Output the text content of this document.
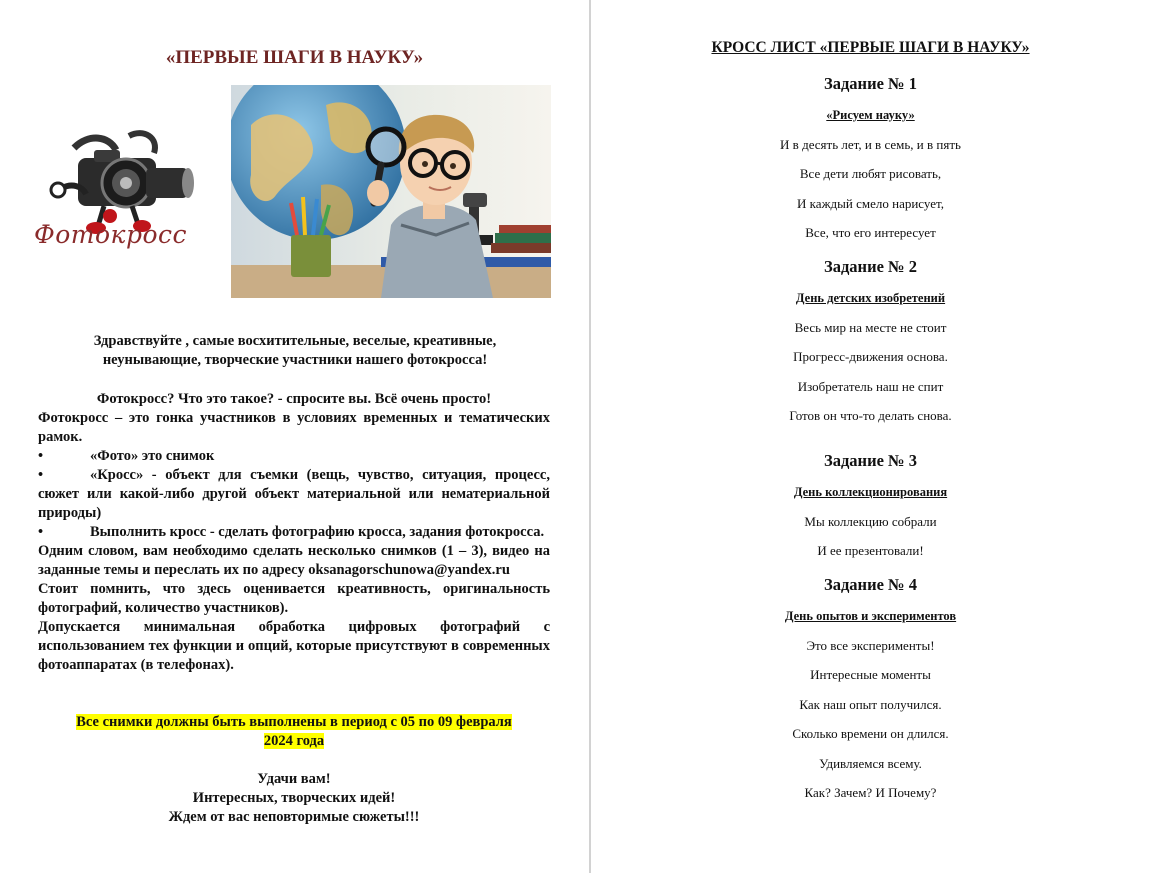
«ПЕРВЫЕ ШАГИ В НАУКУ»
Фотокросс
Здравствуйте , самые восхитительные, веселые, креативные,
неунывающие, творческие участники нашего фотокросса!
Фотокросс? Что это такое? - спросите вы. Всё очень просто!
Фотокросс – это гонка участников в условиях временных и тематических рамок.
•	«Фото» это снимок
•	«Кросс» - объект для съемки (вещь, чувство, ситуация, процесс, сюжет или какой-либо другой объект материальной или нематериальной природы)
•	Выполнить кросс - сделать фотографию кросса, задания фотокросса.
Одним словом, вам необходимо сделать несколько снимков (1 – 3), видео на заданные темы и переслать их по адресу oksanagorschunowa@yandex.ru
Стоит помнить, что здесь оценивается креативность, оригинальность фотографий, количество участников).
Допускается минимальная обработка цифровых фотографий с использованием тех функции и опций, которые присутствуют в современных фотоаппаратах (в телефонах).
Все снимки должны быть выполнены в период с 05 по 09 февраля
2024 года
Удачи вам!
Интересных, творческих идей!
Ждем от вас неповторимые сюжеты!!!
КРОСС ЛИСТ «ПЕРВЫЕ ШАГИ В НАУКУ»
Задание № 1
«Рисуем науку»
И в десять лет, и в семь, и в пять
Все дети любят рисовать,
И каждый смело нарисует,
Все, что его интересует
Задание № 2
День детских изобретений
Весь мир на месте не стоит
Прогресс-движения основа.
Изобретатель наш не спит
Готов он что-то делать снова.
Задание № 3
День коллекционирования
Мы коллекцию собрали
И ее презентовали!
Задание № 4
День опытов и экспериментов
Это все эксперименты!
Интересные моменты
Как наш опыт получился.
Сколько времени он длился.
Удивляемся всему.
Как? Зачем? И Почему?
